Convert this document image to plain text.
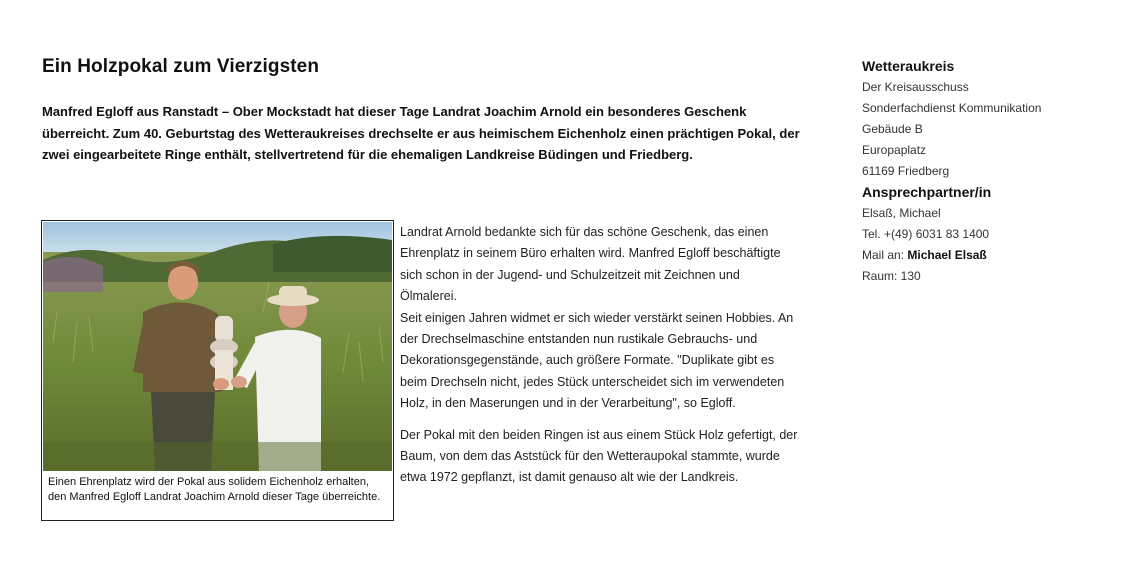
Ein Holzpokal zum Vierzigsten

Manfred Egloff aus Ranstadt – Ober Mockstadt hat dieser Tage Landrat Joachim Arnold ein besonderes Geschenk überreicht. Zum 40. Geburtstag des Wetteraukreises drechselte er aus heimischem Eichenholz einen prächtigen Pokal, der zwei eingearbeitete Ringe enthält, stellvertretend für die ehemaligen Landkreise Büdingen und Friedberg.

Einen Ehrenplatz wird der Pokal aus solidem Eichenholz erhalten, den Manfred Egloff Landrat Joachim Arnold dieser Tage überreichte.

Landrat Arnold bedankte sich für das schöne Geschenk, das einen Ehrenplatz in seinem Büro erhalten wird. Manfred Egloff beschäftigte sich schon in der Jugend- und Schulzeitzeit mit Zeichnen und Ölmalerei.

Seit einigen Jahren widmet er sich wieder verstärkt seinen Hobbies. An der Drechselmaschine entstanden nun rustikale Gebrauchs- und Dekorationsgegenstände, auch größere Formate. "Duplikate gibt es beim Drechseln nicht, jedes Stück unterscheidet sich im verwendeten Holz, in den Maserungen und in der Verarbeitung", so Egloff.

Der Pokal mit den beiden Ringen ist aus einem Stück Holz gefertigt, der Baum, von dem das Aststück für den Wetteraupokal stammte, wurde etwa 1972 gepflanzt, ist damit genauso alt wie der Landkreis.

Wetteraukreis

Der Kreisausschuss

Sonderfachdienst Kommunikation

Gebäude B

Europaplatz

61169 Friedberg

Ansprechpartner/in

Elsaß, Michael

Tel. +(49) 6031 83 1400

Mail an: Michael Elsaß

Raum: 130
